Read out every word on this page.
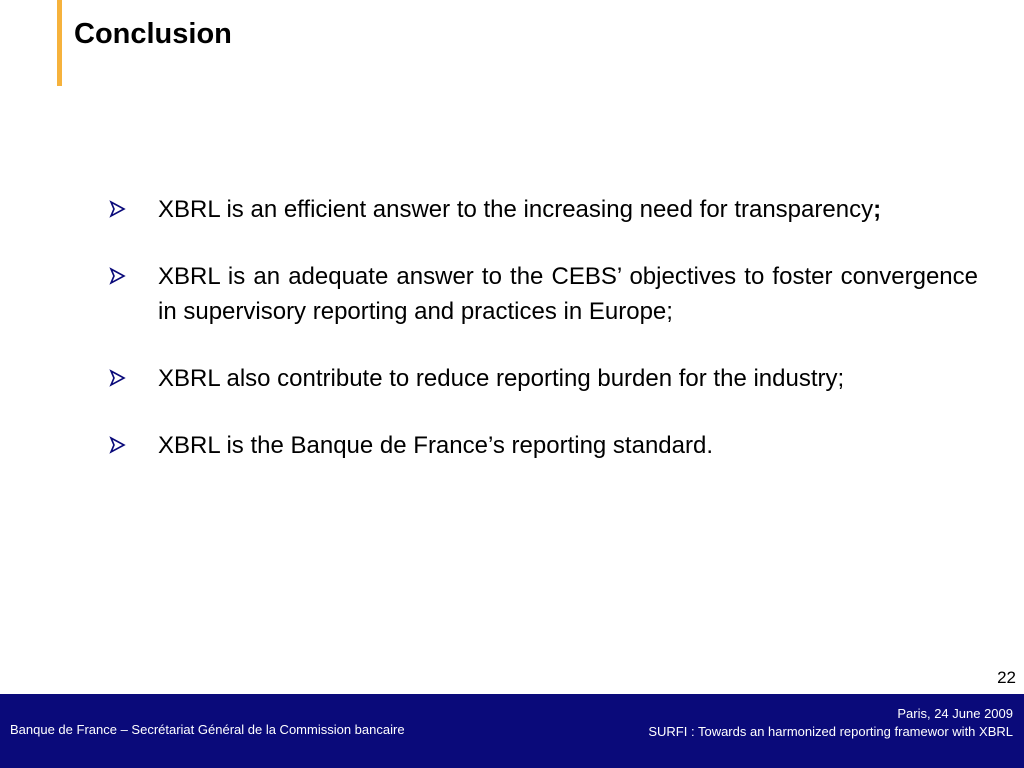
Conclusion
XBRL is an efficient answer to the increasing need for transparency;
XBRL is an adequate answer to the CEBS’ objectives to foster convergence in supervisory reporting and practices in Europe;
XBRL also contribute to reduce reporting burden for the industry;
XBRL is the Banque de France’s reporting standard.
22
Banque de France – Secrétariat Général de la Commission bancaire
Paris, 24 June 2009
SURFI : Towards an harmonized reporting framewor with XBRL
